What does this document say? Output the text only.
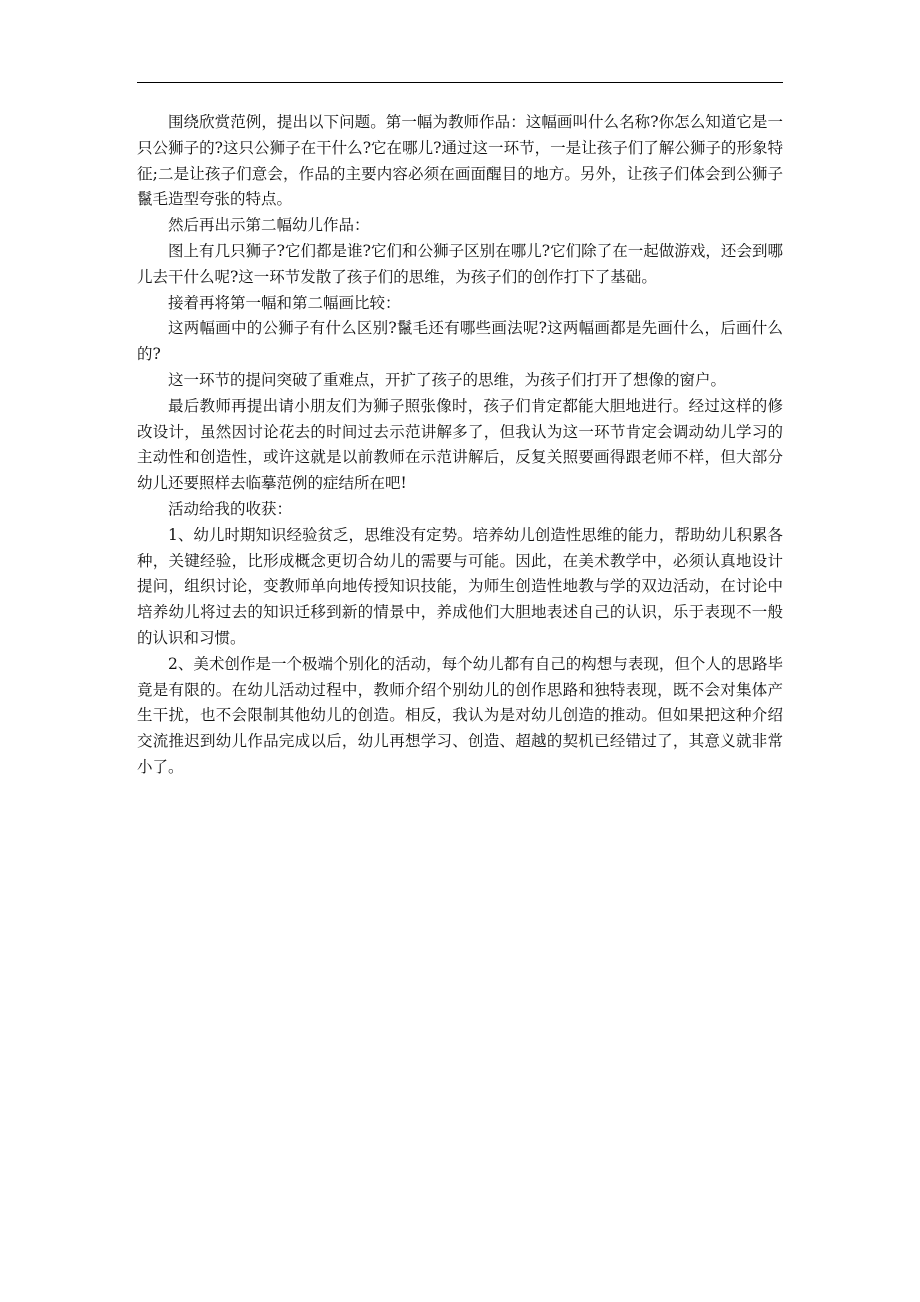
围绕欣赏范例，提出以下问题。第一幅为教师作品：这幅画叫什么名称?你怎么知道它是一只公狮子的?这只公狮子在干什么?它在哪儿?通过这一环节，一是让孩子们了解公狮子的形象特征;二是让孩子们意会，作品的主要内容必须在画面醒目的地方。另外，让孩子们体会到公狮子鬣毛造型夸张的特点。

然后再出示第二幅幼儿作品：

图上有几只狮子?它们都是谁?它们和公狮子区别在哪儿?它们除了在一起做游戏，还会到哪儿去干什么呢?这一环节发散了孩子们的思维，为孩子们的创作打下了基础。

接着再将第一幅和第二幅画比较：

这两幅画中的公狮子有什么区别?鬣毛还有哪些画法呢?这两幅画都是先画什么，后画什么的?

这一环节的提问突破了重难点，开扩了孩子的思维，为孩子们打开了想像的窗户。

最后教师再提出请小朋友们为狮子照张像时，孩子们肯定都能大胆地进行。经过这样的修改设计，虽然因讨论花去的时间过去示范讲解多了，但我认为这一环节肯定会调动幼儿学习的主动性和创造性，或许这就是以前教师在示范讲解后，反复关照要画得跟老师不样，但大部分幼儿还要照样去临摹范例的症结所在吧!

活动给我的收获：

1、幼儿时期知识经验贫乏，思维没有定势。培养幼儿创造性思维的能力，帮助幼儿积累各种，关键经验，比形成概念更切合幼儿的需要与可能。因此，在美术教学中，必须认真地设计提问，组织讨论，变教师单向地传授知识技能，为师生创造性地教与学的双边活动，在讨论中培养幼儿将过去的知识迁移到新的情景中，养成他们大胆地表述自己的认识，乐于表现不一般的认识和习惯。

2、美术创作是一个极端个别化的活动，每个幼儿都有自己的构想与表现，但个人的思路毕竟是有限的。在幼儿活动过程中，教师介绍个别幼儿的创作思路和独特表现，既不会对集体产生干扰，也不会限制其他幼儿的创造。相反，我认为是对幼儿创造的推动。但如果把这种介绍交流推迟到幼儿作品完成以后，幼儿再想学习、创造、超越的契机已经错过了，其意义就非常小了。
